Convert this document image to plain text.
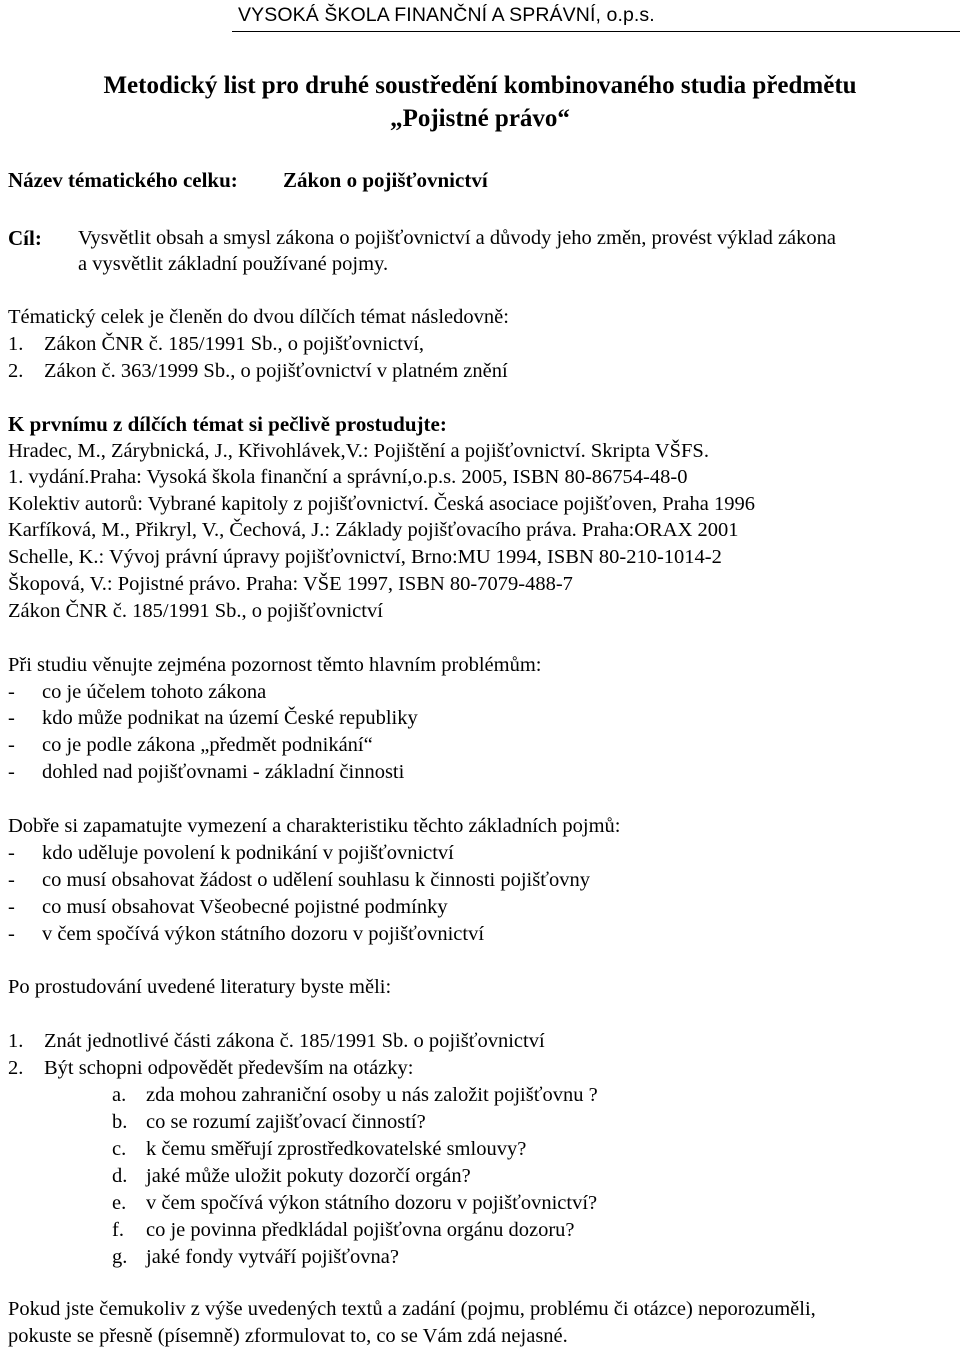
VYSOKÁ ŠKOLA FINANČNÍ A SPRÁVNÍ, o.p.s.
Metodický list pro druhé soustředění kombinovaného studia předmětu
„Pojistné právo“
Název tématického celku: Zákon o pojišťovnictví
Cíl: Vysvětlit obsah a smysl zákona o pojišťovnictví a důvody jeho změn, provést výklad zákona
a vysvětlit základní používané pojmy.
Tématický celek je členěn do dvou dílčích témat následovně:
1. Zákon ČNR č. 185/1991 Sb., o pojišťovnictví,
2. Zákon č. 363/1999 Sb., o pojišťovnictví v platném znění
K prvnímu z dílčích témat si pečlivě prostudujte:
Hradec, M., Zárybnická, J., Křivohlávek,V.: Pojištění a pojišťovnictví. Skripta VŠFS.
1. vydání.Praha: Vysoká škola finanční a správní,o.p.s. 2005, ISBN 80-86754-48-0
Kolektiv autorů: Vybrané kapitoly z pojišťovnictví. Česká asociace pojišťoven, Praha 1996
Karfíková, M., Přikryl, V., Čechová, J.: Základy pojišťovacího práva. Praha:ORAX 2001
Schelle, K.: Vývoj právní úpravy pojišťovnictví, Brno:MU 1994, ISBN 80-210-1014-2
Škopová, V.: Pojistné právo. Praha: VŠE 1997, ISBN 80-7079-488-7
Zákon ČNR č. 185/1991 Sb., o pojišťovnictví
Při studiu věnujte zejména pozornost těmto hlavním problémům:
- co je účelem tohoto zákona
- kdo může podnikat na území České republiky
- co je podle zákona „předmět podnikání“
- dohled nad pojišťovnami - základní činnosti
Dobře si zapamatujte vymezení a charakteristiku těchto základních pojmů:
- kdo uděluje povolení k podnikání v pojišťovnictví
- co musí obsahovat žádost o udělení souhlasu k činnosti pojišťovny
- co musí obsahovat Všeobecné pojistné podmínky
- v čem spočívá výkon státního dozoru v pojišťovnictví
Po prostudování uvedené literatury byste měli:
1. Znát jednotlivé části zákona č. 185/1991 Sb. o pojišťovnictví
2. Být schopni odpovědět především na otázky:
a. zda mohou zahraniční osoby u nás založit pojišťovnu ?
b. co se rozumí zajišťovací činností?
c. k čemu směřují zprostředkovatelské smlouvy?
d. jaké může uložit pokuty dozorčí orgán?
e. v čem spočívá výkon státního dozoru v pojišťovnictví?
f. co je povinna předkládal pojišťovna orgánu dozoru?
g. jaké fondy vytváří pojišťovna?
Pokud jste čemukoliv z výše uvedených textů a zadání (pojmu, problému či otázce) neporozuměli,
pokuste se přesně (písemně) zformulovat to, co se Vám zdá nejasné.
